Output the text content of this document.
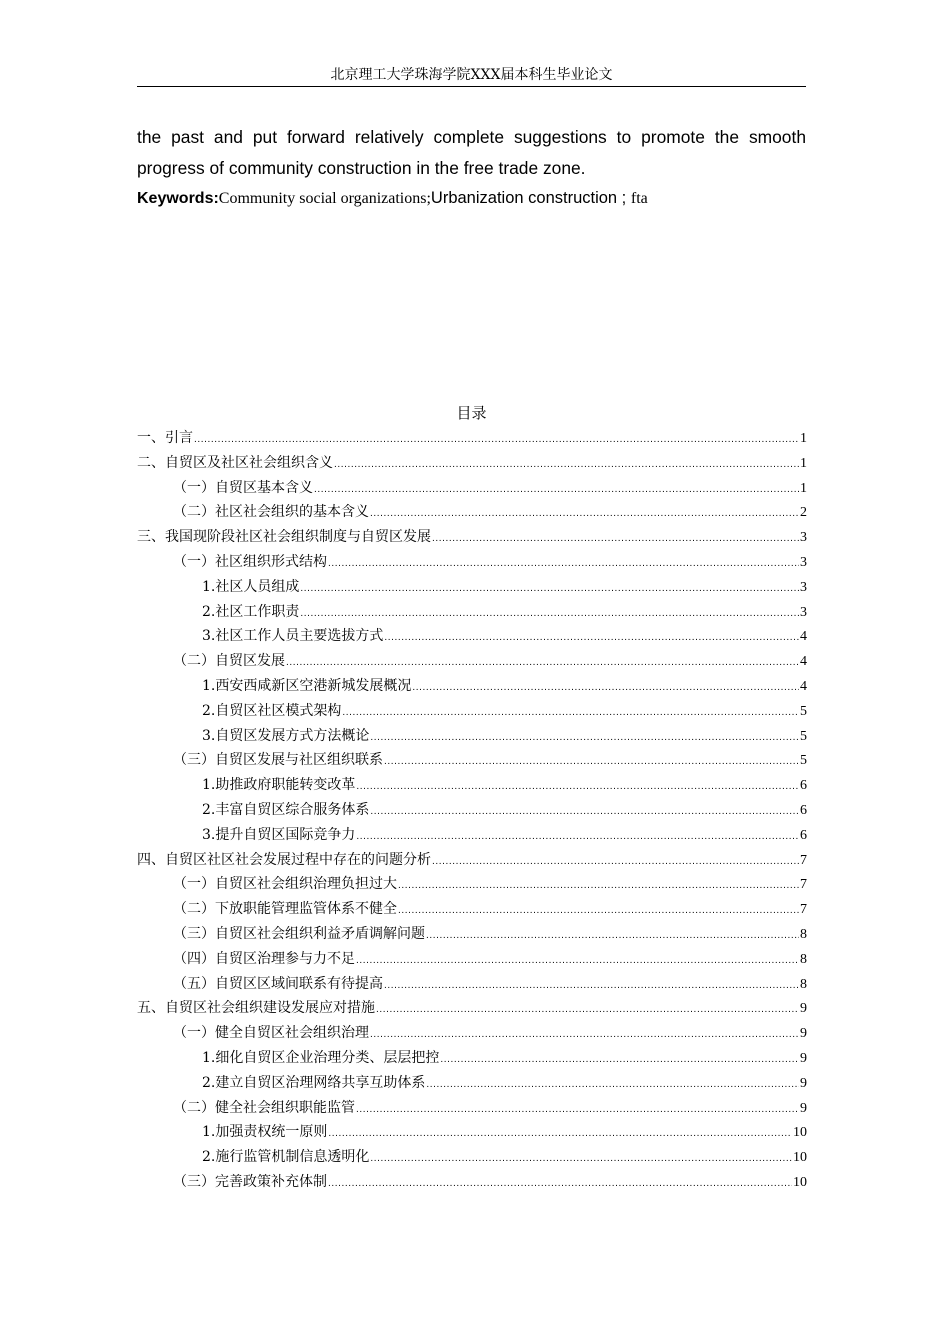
北京理工大学珠海学院XXX届本科生毕业论文
the past and put forward relatively complete suggestions to promote the smooth progress of community construction in the free trade zone.
Keywords:Community social organizations;Urbanization construction ; fta
目录
一、引言 .....	1
二、自贸区及社区社会组织含义 .....	1
（一）自贸区基本含义 .....	1
（二）社区社会组织的基本含义 .....	2
三、我国现阶段社区社会组织制度与自贸区发展 .....	3
（一）社区组织形式结构 .....	3
1.社区人员组成 .....	3
2.社区工作职责 .....	3
3.社区工作人员主要选拔方式 .....	4
（二）自贸区发展 .....	4
1.西安西咸新区空港新城发展概况 .....	4
2.自贸区社区模式架构 .....	5
3.自贸区发展方式方法概论 .....	5
（三）自贸区发展与社区组织联系 .....	5
1.助推政府职能转变改革 .....	6
2.丰富自贸区综合服务体系 .....	6
3.提升自贸区国际竞争力 .....	6
四、自贸区社区社会发展过程中存在的问题分析 .....	7
（一）自贸区社会组织治理负担过大 .....	7
（二）下放职能管理监管体系不健全 .....	7
（三）自贸区社会组织利益矛盾调解问题 .....	8
（四）自贸区治理参与力不足 .....	8
（五）自贸区区域间联系有待提高 .....	8
五、自贸区社会组织建设发展应对措施 .....	9
（一）健全自贸区社会组织治理 .....	9
1.细化自贸区企业治理分类、层层把控 .....	9
2.建立自贸区治理网络共享互助体系 .....	9
（二）健全社会组织职能监管 .....	9
1.加强责权统一原则 .....	10
2.施行监管机制信息透明化 .....	10
（三）完善政策补充体制 .....	10
